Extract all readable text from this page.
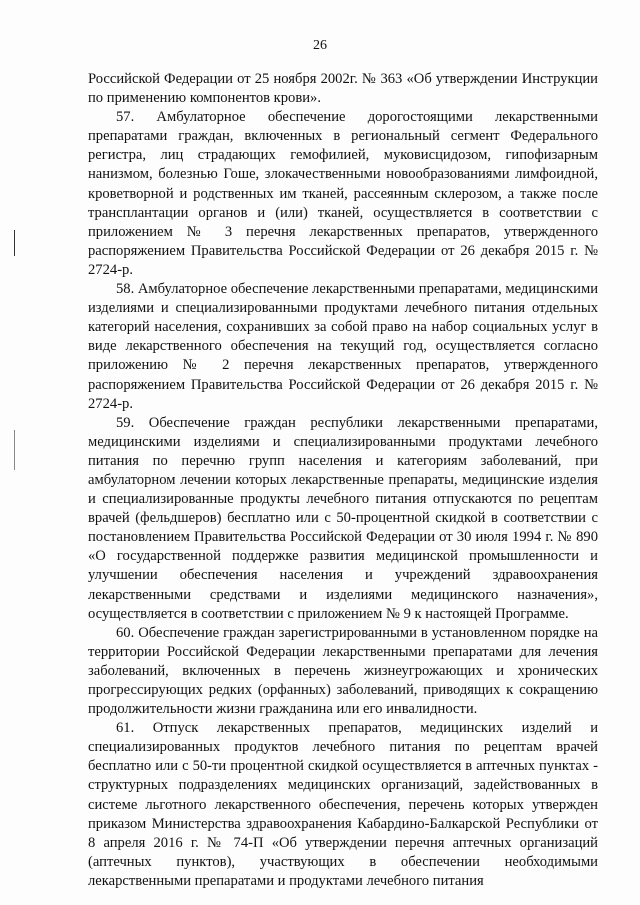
26

Российской Федерации от 25 ноября 2002г. № 363 «Об утверждении Инструкции по применению компонентов крови».

57. Амбулаторное обеспечение дорогостоящими лекарственными препаратами граждан, включенных в региональный сегмент Федерального регистра, лиц страдающих гемофилией, муковисцидозом, гипофизарным нанизмом, болезнью Гоше, злокачественными новообразованиями лимфоидной, кроветворной и родственных им тканей, рассеянным склерозом, а также после трансплантации органов и (или) тканей, осуществляется в соответствии с приложением № 3 перечня лекарственных препаратов, утвержденного распоряжением Правительства Российской Федерации от 26 декабря 2015 г. № 2724-р.

58. Амбулаторное обеспечение лекарственными препаратами, медицинскими изделиями и специализированными продуктами лечебного питания отдельных категорий населения, сохранивших за собой право на набор социальных услуг в виде лекарственного обеспечения на текущий год, осуществляется согласно приложению № 2 перечня лекарственных препаратов, утвержденного распоряжением Правительства Российской Федерации от 26 декабря 2015 г. № 2724-р.

59. Обеспечение граждан республики лекарственными препаратами, медицинскими изделиями и специализированными продуктами лечебного питания по перечню групп населения и категориям заболеваний, при амбулаторном лечении которых лекарственные препараты, медицинские изделия и специализированные продукты лечебного питания отпускаются по рецептам врачей (фельдшеров) бесплатно или с 50-процентной скидкой в соответствии с постановлением Правительства Российской Федерации от 30 июля 1994 г. № 890 «О государственной поддержке развития медицинской промышленности и улучшении обеспечения населения и учреждений здравоохранения лекарственными средствами и изделиями медицинского назначения», осуществляется в соответствии с приложением № 9 к настоящей Программе.

60. Обеспечение граждан зарегистрированными в установленном порядке на территории Российской Федерации лекарственными препаратами для лечения заболеваний, включенных в перечень жизнеугрожающих и хронических прогрессирующих редких (орфанных) заболеваний, приводящих к сокращению продолжительности жизни гражданина или его инвалидности.

61. Отпуск лекарственных препаратов, медицинских изделий и специализированных продуктов лечебного питания по рецептам врачей бесплатно или с 50-ти процентной скидкой осуществляется в аптечных пунктах - структурных подразделениях медицинских организаций, задействованных в системе льготного лекарственного обеспечения, перечень которых утвержден приказом Министерства здравоохранения Кабардино-Балкарской Республики от 8 апреля 2016 г. № 74-П «Об утверждении перечня аптечных организаций (аптечных пунктов), участвующих в обеспечении необходимыми лекарственными препаратами и продуктами лечебного питания
